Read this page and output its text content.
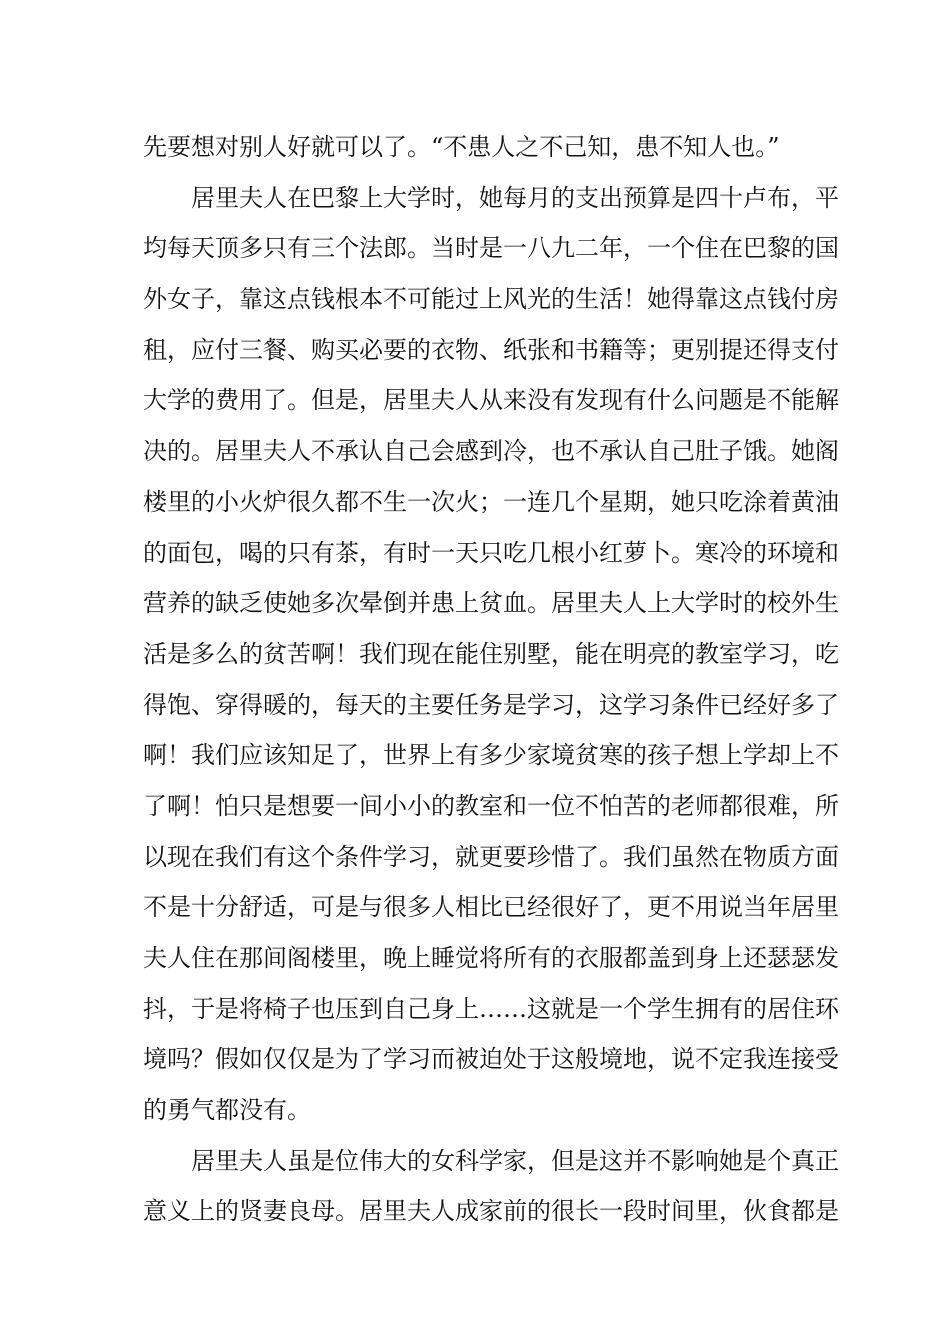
先要想对别人好就可以了。“不患人之不己知，患不知人也。”
居里夫人在巴黎上大学时，她每月的支出预算是四十卢布，平
均每天顶多只有三个法郎。当时是一八九二年，一个住在巴黎的国
外女子，靠这点钱根本不可能过上风光的生活！她得靠这点钱付房
租，应付三餐、购买必要的衣物、纸张和书籍等；更别提还得支付
大学的费用了。但是，居里夫人从来没有发现有什么问题是不能解
决的。居里夫人不承认自己会感到冷，也不承认自己肚子饿。她阁
楼里的小火炉很久都不生一次火；一连几个星期，她只吃涂着黄油
的面包，喝的只有茶，有时一天只吃几根小红萝卜。寒冷的环境和
营养的缺乏使她多次晕倒并患上贫血。居里夫人上大学时的校外生
活是多么的贫苦啊！我们现在能住别墅，能在明亮的教室学习，吃
得饱、穿得暖的，每天的主要任务是学习，这学习条件已经好多了
啊！我们应该知足了，世界上有多少家境贫寒的孩子想上学却上不
了啊！怕只是想要一间小小的教室和一位不怕苦的老师都很难，所
以现在我们有这个条件学习，就更要珍惜了。我们虽然在物质方面
不是十分舒适，可是与很多人相比已经很好了，更不用说当年居里
夫人住在那间阁楼里，晚上睡觉将所有的衣服都盖到身上还瑟瑟发
抖，于是将椅子也压到自己身上……这就是一个学生拥有的居住环
境吗？假如仅仅是为了学习而被迫处于这般境地，说不定我连接受
的勇气都没有。
居里夫人虽是位伟大的女科学家，但是这并不影响她是个真正
意义上的贤妻良母。居里夫人成家前的很长一段时间里，伙食都是
